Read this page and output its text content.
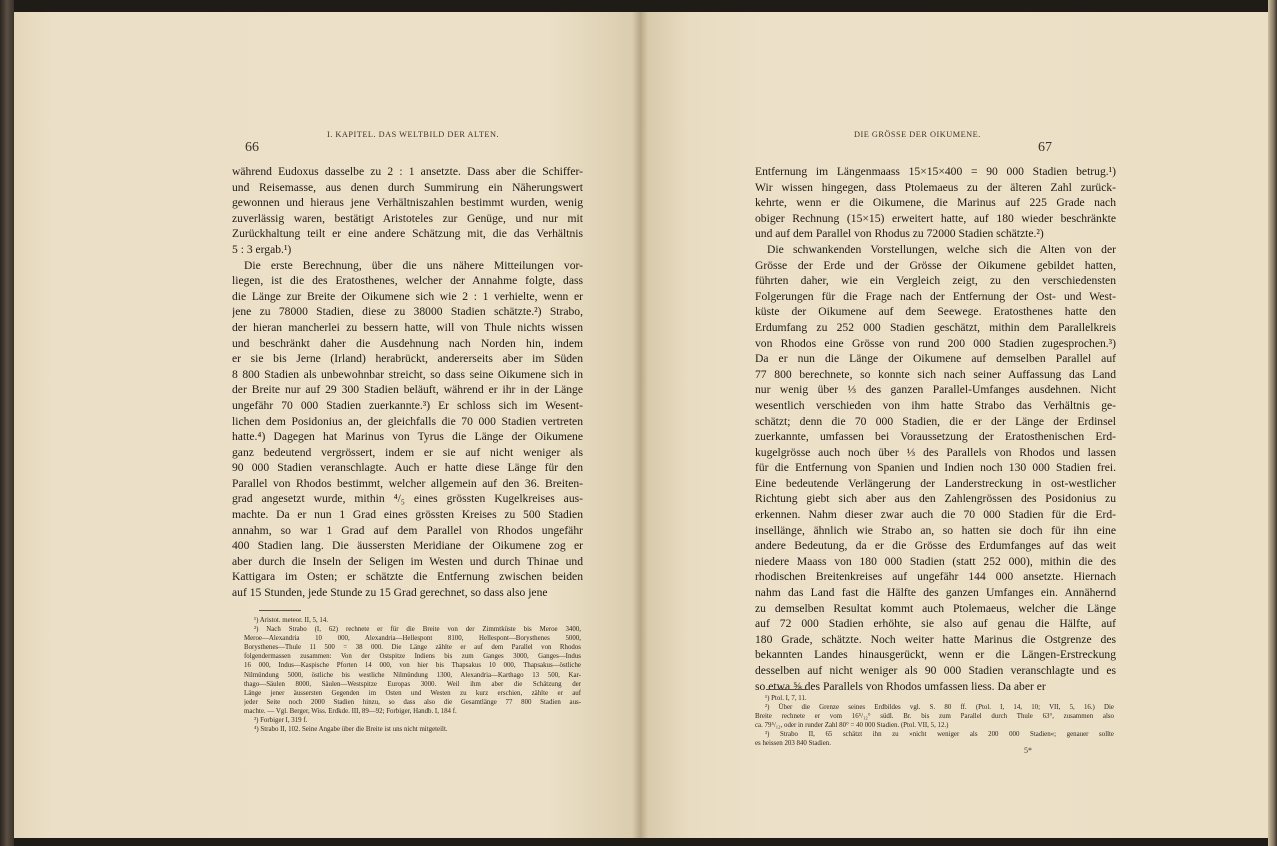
66
I. KAPITEL. DAS WELTBILD DER ALTEN.
während Eudoxus dasselbe zu 2 : 1 ansetzte. Dass aber die Schiffer-
und Reisemasse, aus denen durch Summirung ein Näherungswert
gewonnen und hieraus jene Verhältniszahlen bestimmt wurden, wenig
zuverlässig waren, bestätigt Aristoteles zur Genüge, und nur mit
Zurückhaltung teilt er eine andere Schätzung mit, die das Verhältnis
5 : 3 ergab.¹)
Die erste Berechnung, über die uns nähere Mitteilungen vor-
liegen, ist die des Eratosthenes, welcher der Annahme folgte, dass
die Länge zur Breite der Oikumene sich wie 2 : 1 verhielte, wenn er
jene zu 78000 Stadien, diese zu 38000 Stadien schätzte.²) Strabo,
der hieran mancherlei zu bessern hatte, will von Thule nichts wissen
und beschränkt daher die Ausdehnung nach Norden hin, indem
er sie bis Jerne (Irland) herabrückt, andererseits aber im Süden
8 800 Stadien als unbewohnbar streicht, so dass seine Oikumene sich in
der Breite nur auf 29 300 Stadien beläuft, während er ihr in der Länge
ungefähr 70 000 Stadien zuerkannte.³) Er schloss sich im Wesent-
lichen dem Posidonius an, der gleichfalls die 70 000 Stadien vertreten
hatte.⁴) Dagegen hat Marinus von Tyrus die Länge der Oikumene
ganz bedeutend vergrössert, indem er sie auf nicht weniger als
90 000 Stadien veranschlagte. Auch er hatte diese Länge für den
Parallel von Rhodos bestimmt, welcher allgemein auf den 36. Breiten-
grad angesetzt wurde, mithin ⁴/₅ eines grössten Kugelkreises aus-
machte. Da er nun 1 Grad eines grössten Kreises zu 500 Stadien
annahm, so war 1 Grad auf dem Parallel von Rhodos ungefähr
400 Stadien lang. Die äussersten Meridiane der Oikumene zog er
aber durch die Inseln der Seligen im Westen und durch Thinae und
Kattigara im Osten; er schätzte die Entfernung zwischen beiden
auf 15 Stunden, jede Stunde zu 15 Grad gerechnet, so dass also jene
¹) Aristot. meteor. II, 5, 14.
²) Nach Strabo (I, 62) rechnete er für die Breite von der Zimmtküste bis Meroe 3400,
Meroe—Alexandria 10 000, Alexandria—Hellespont 8100, Hellespont—Borysthenes 5000,
Borysthenes—Thule 11 500 = 38 000. Die Länge zählte er auf dem Parallel von Rhodos
folgendermassen zusammen: Von der Ostspitze Indiens bis zum Ganges 3000, Ganges—Indus
16 000, Indus—Kaspische Pforten 14 000, von hier bis Thapsakus 10 000, Thapsakus—östliche
Nilmündung 5000, östliche bis westliche Nilmündung 1300, Alexandria—Karthago 13 500, Kar-
thago—Säulen 8000, Säulen—Westspitze Europas 3000. Weil ihm aber die Schätzung der
Länge jener äussersten Gegenden im Osten und Westen zu kurz erschien, zählte er auf
jeder Seite noch 2000 Stadien hinzu, so dass also die Gesamtlänge 77 800 Stadien aus-
machte. — Vgl. Berger, Wiss. Erdkde. III, 89—92; Forbiger, Handb. I, 184 f.
³) Forbiger I, 319 f.
⁴) Strabo II, 102. Seine Angabe über die Breite ist uns nicht mitgeteilt.
DIE GRÖSSE DER OIKUMENE.
67
Entfernung im Längenmaass 15×15×400 = 90 000 Stadien betrug.¹)
Wir wissen hingegen, dass Ptolemaeus zu der älteren Zahl zurück-
kehrte, wenn er die Oikumene, die Marinus auf 225 Grade nach
obiger Rechnung (15×15) erweitert hatte, auf 180 wieder beschränkte
und auf dem Parallel von Rhodus zu 72000 Stadien schätzte.²)
Die schwankenden Vorstellungen, welche sich die Alten von der
Grösse der Erde und der Grösse der Oikumene gebildet hatten,
führten daher, wie ein Vergleich zeigt, zu den verschiedensten
Folgerungen für die Frage nach der Entfernung der Ost- und West-
küste der Oikumene auf dem Seewege. Eratosthenes hatte den
Erdumfang zu 252 000 Stadien geschätzt, mithin dem Parallelkreis
von Rhodos eine Grösse von rund 200 000 Stadien zugesprochen.³)
Da er nun die Länge der Oikumene auf demselben Parallel auf
77 800 berechnete, so konnte sich nach seiner Auffassung das Land
nur wenig über ⅓ des ganzen Parallel-Umfanges ausdehnen. Nicht
wesentlich verschieden von ihm hatte Strabo das Verhältnis ge-
schätzt; denn die 70 000 Stadien, die er der Länge der Erdinsel
zuerkannte, umfassen bei Voraussetzung der Eratosthenischen Erd-
kugelgrösse auch noch über ⅓ des Parallels von Rhodos und lassen
für die Entfernung von Spanien und Indien noch 130 000 Stadien frei.
Eine bedeutende Verlängerung der Landerstreckung in ost-westlicher
Richtung giebt sich aber aus den Zahlengrössen des Posidonius zu
erkennen. Nahm dieser zwar auch die 70 000 Stadien für die Erd-
insellänge, ähnlich wie Strabo an, so hatten sie doch für ihn eine
andere Bedeutung, da er die Grösse des Erdumfanges auf das weit
niedere Maass von 180 000 Stadien (statt 252 000), mithin die des
rhodischen Breitenkreises auf ungefähr 144 000 ansetzte. Hiernach
nahm das Land fast die Hälfte des ganzen Umfanges ein. Annähernd
zu demselben Resultat kommt auch Ptolemaeus, welcher die Länge
auf 72 000 Stadien erhöhte, sie also auf genau die Hälfte, auf
180 Grade, schätzte. Noch weiter hatte Marinus die Ostgrenze des
bekannten Landes hinausgerückt, wenn er die Längen-Erstreckung
desselben auf nicht weniger als 90 000 Stadien veranschlagte und es
so etwa ⅝ des Parallels von Rhodos umfassen liess. Da aber er
¹) Ptol. I, 7, 11.
²) Über die Grenze seines Erdbildes vgl. S. 80 ff. (Ptol. I, 14, 10; VII, 5, 16.) Die
Breite rechnete er vom 16⁵/₁₂° südl. Br. bis zum Parallel durch Thule 63°, zusammen also
ca. 79⁵/₁₂, oder in runder Zahl 80° = 40 000 Stadien. (Ptol. VII, 5, 12.)
³) Strabo II, 65 schätzt ihn zu »nicht weniger als 200 000 Stadien«; genauer sollte
es heissen 203 840 Stadien.
5*
